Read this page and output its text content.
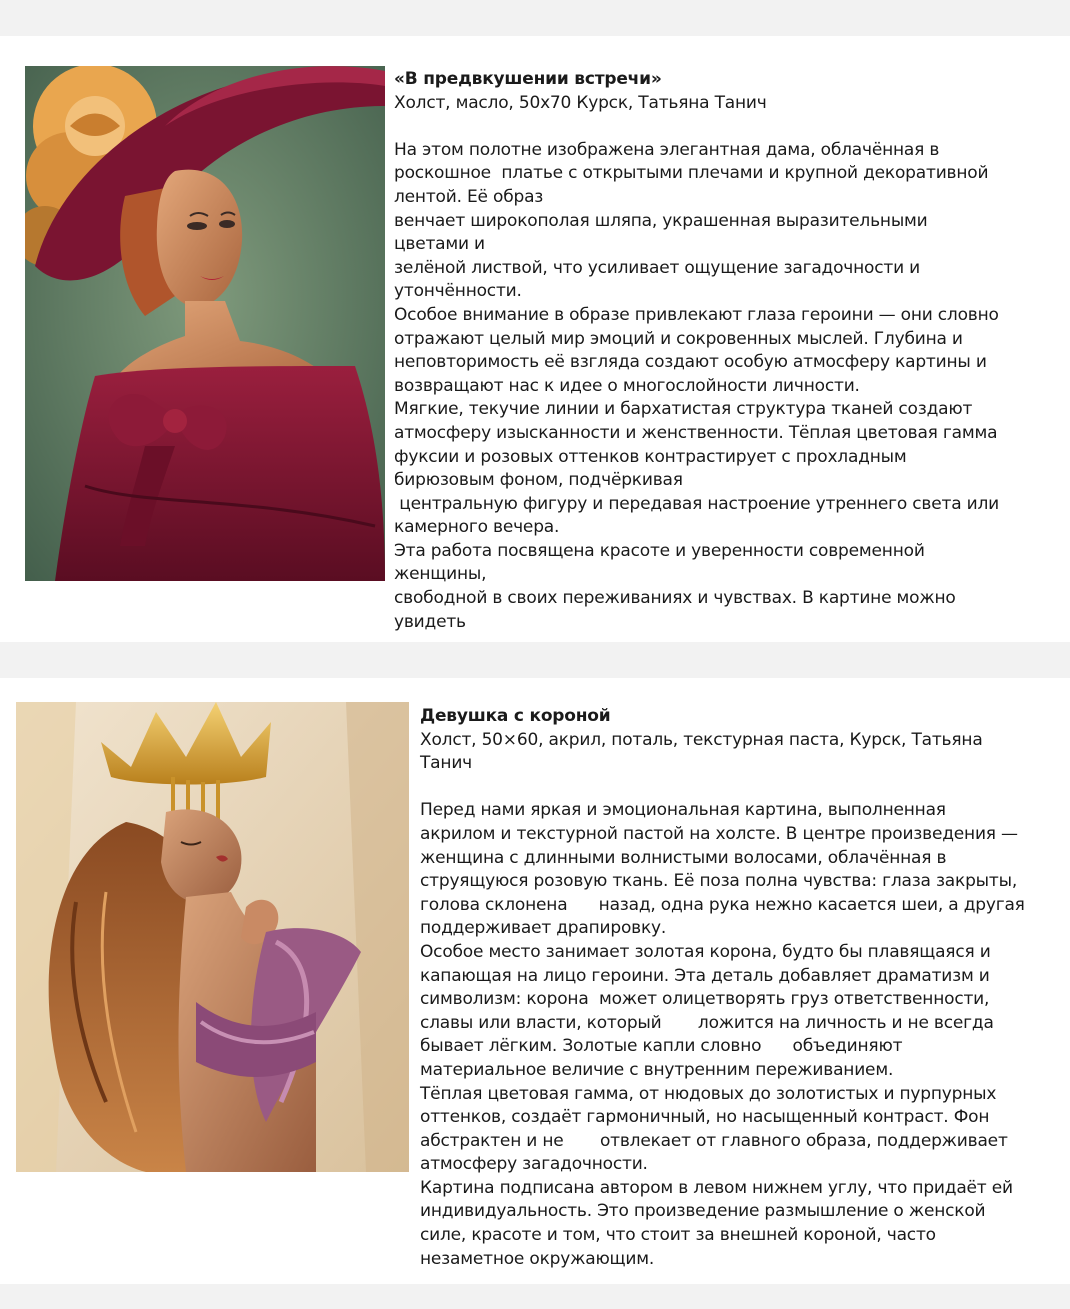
«В предвкушении встречи»
Холст, масло, 50х70 Курск, Татьяна Танич
На этом полотне изображена элегантная дама, облачённая в
роскошное  платье с открытыми плечами и крупной декоративной
лентой. Её образ
венчает широкополая шляпа, украшенная выразительными
цветами и
зелёной листвой, что усиливает ощущение загадочности и
утончённости.
Особое внимание в образе привлекают глаза героини — они словно
отражают целый мир эмоций и сокровенных мыслей. Глубина и
неповторимость её взгляда создают особую атмосферу картины и
возвращают нас к идее о многослойности личности.
Мягкие, текучие линии и бархатистая структура тканей создают
атмосферу изысканности и женственности. Тёплая цветовая гамма
фуксии и розовых оттенков контрастирует с прохладным
бирюзовым фоном, подчёркивая
центральную фигуру и передавая настроение утреннего света или
камерного вечера.
Эта работа посвящена красоте и уверенности современной
женщины,
свободной в своих переживаниях и чувствах. В картине можно
увидеть
Девушка с короной
Холст, 50×60, акрил, поталь, текстурная паста, Курск, Татьяна
Танич
Перед нами яркая и эмоциональная картина, выполненная
акрилом и текстурной пастой на холсте. В центре произведения —
женщина с длинными волнистыми волосами, облачённая в
струящуюся розовую ткань. Её поза полна чувства: глаза закрыты,
голова склонена      назад, одна рука нежно касается шеи, а другая
поддерживает драпировку.
Особое место занимает золотая корона, будто бы плавящаяся и
капающая на лицо героини. Эта деталь добавляет драматизм и
символизм: корона  может олицетворять груз ответственности,
славы или власти, который       ложится на личность и не всегда
бывает лёгким. Золотые капли словно      объединяют
материальное величие с внутренним переживанием.
Тёплая цветовая гамма, от нюдовых до золотистых и пурпурных
оттенков, создаёт гармоничный, но насыщенный контраст. Фон
абстрактен и не       отвлекает от главного образа, поддерживает
атмосферу загадочности.
Картина подписана автором в левом нижнем углу, что придаёт ей
индивидуальность. Это произведение размышление о женской
силе, красоте и том, что стоит за внешней короной, часто
незаметное окружающим.
